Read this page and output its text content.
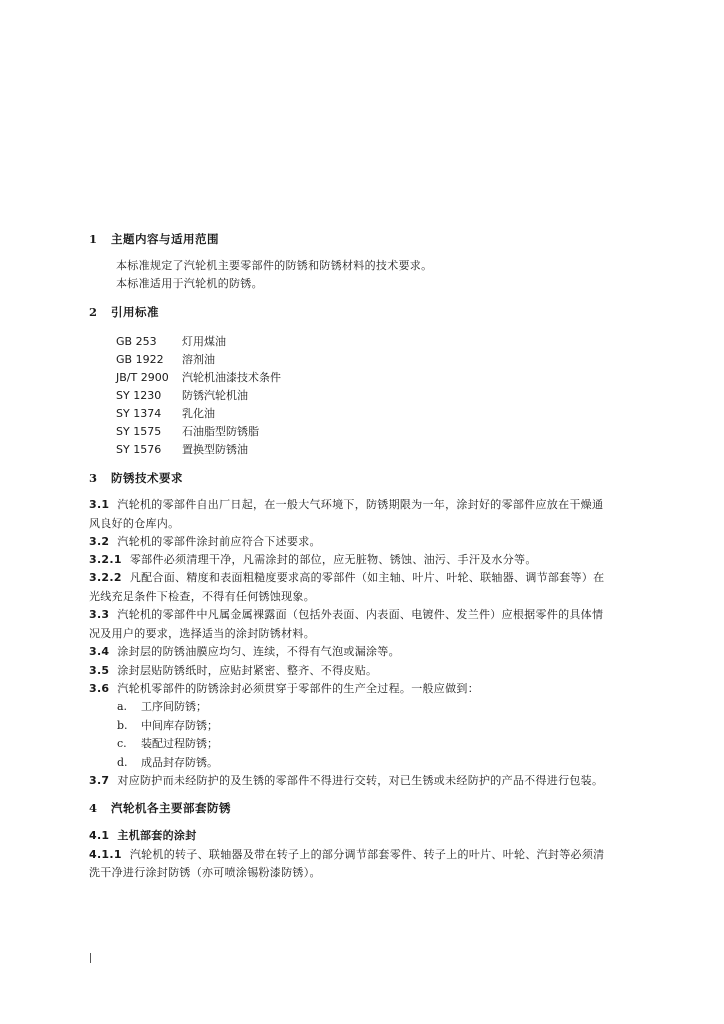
1 主题内容与适用范围
本标准规定了汽轮机主要零部件的防锈和防锈材料的技术要求。
本标准适用于汽轮机的防锈。
2 引用标准
GB 253 灯用煤油
GB 1922 溶剂油
JB/T 2900 汽轮机油漆技术条件
SY 1230 防锈汽轮机油
SY 1374 乳化油
SY 1575 石油脂型防锈脂
SY 1576 置换型防锈油
3 防锈技术要求
3.1 汽轮机的零部件自出厂日起，在一般大气环境下，防锈期限为一年，涂封好的零部件应放在干燥通
风良好的仓库内。
3.2 汽轮机的零部件涂封前应符合下述要求。
3.2.1 零部件必须清理干净，凡需涂封的部位，应无脏物、锈蚀、油污、手汗及水分等。
3.2.2 凡配合面、精度和表面粗糙度要求高的零部件（如主轴、叶片、叶轮、联轴器、调节部套等）在
光线充足条件下检查，不得有任何锈蚀现象。
3.3 汽轮机的零部件中凡属金属裸露面（包括外表面、内表面、电镀件、发兰件）应根据零件的具体情
况及用户的要求，选择适当的涂封防锈材料。
3.4 涂封层的防锈油膜应均匀、连续，不得有气泡或漏涂等。
3.5 涂封层贴防锈纸时，应贴封紧密、整齐、不得皮贴。
3.6 汽轮机零部件的防锈涂封必须贯穿于零部件的生产全过程。一般应做到：
a. 工序间防锈；
b. 中间库存防锈；
c. 装配过程防锈；
d. 成品封存防锈。
3.7 对应防护而未经防护的及生锈的零部件不得进行交转，对已生锈或未经防护的产品不得进行包装。
4 汽轮机各主要部套防锈
4.1 主机部套的涂封
4.1.1 汽轮机的转子、联轴器及带在转子上的部分调节部套零件、转子上的叶片、叶轮、汽封等必须清
洗干净进行涂封防锈（亦可喷涂锡粉漆防锈）。
